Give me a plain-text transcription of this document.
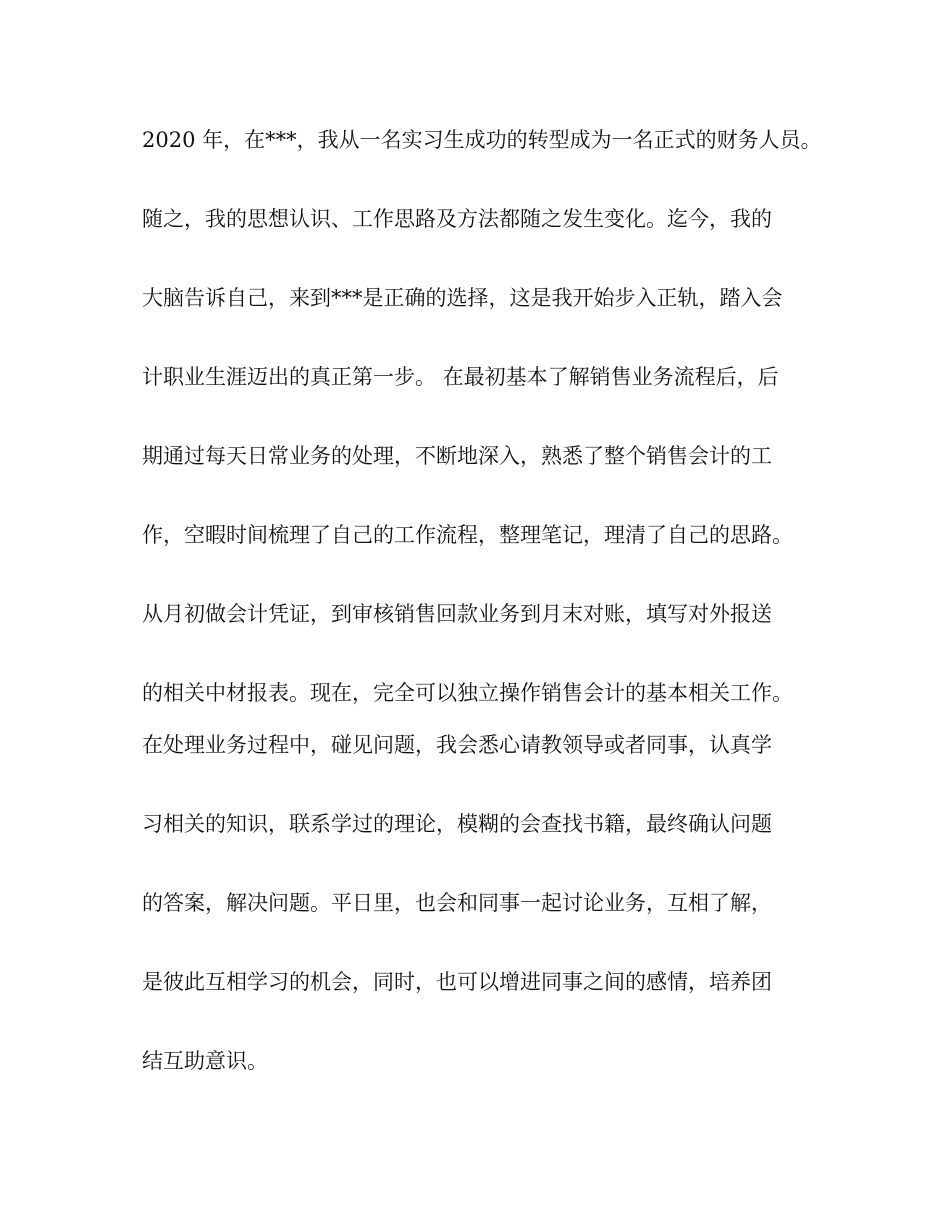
2020 年，在***，我从一名实习生成功的转型成为一名正式的财务人员。
随之，我的思想认识、工作思路及方法都随之发生变化。迄今，我的
大脑告诉自己，来到***是正确的选择，这是我开始步入正轨，踏入会
计职业生涯迈出的真正第一步。 在最初基本了解销售业务流程后，后
期通过每天日常业务的处理，不断地深入，熟悉了整个销售会计的工
作，空暇时间梳理了自己的工作流程，整理笔记，理清了自己的思路。
从月初做会计凭证，到审核销售回款业务到月末对账，填写对外报送
的相关中材报表。现在，完全可以独立操作销售会计的基本相关工作。
在处理业务过程中，碰见问题，我会悉心请教领导或者同事，认真学
习相关的知识，联系学过的理论，模糊的会查找书籍，最终确认问题
的答案，解决问题。平日里，也会和同事一起讨论业务，互相了解，
是彼此互相学习的机会，同时，也可以增进同事之间的感情，培养团
结互助意识。
